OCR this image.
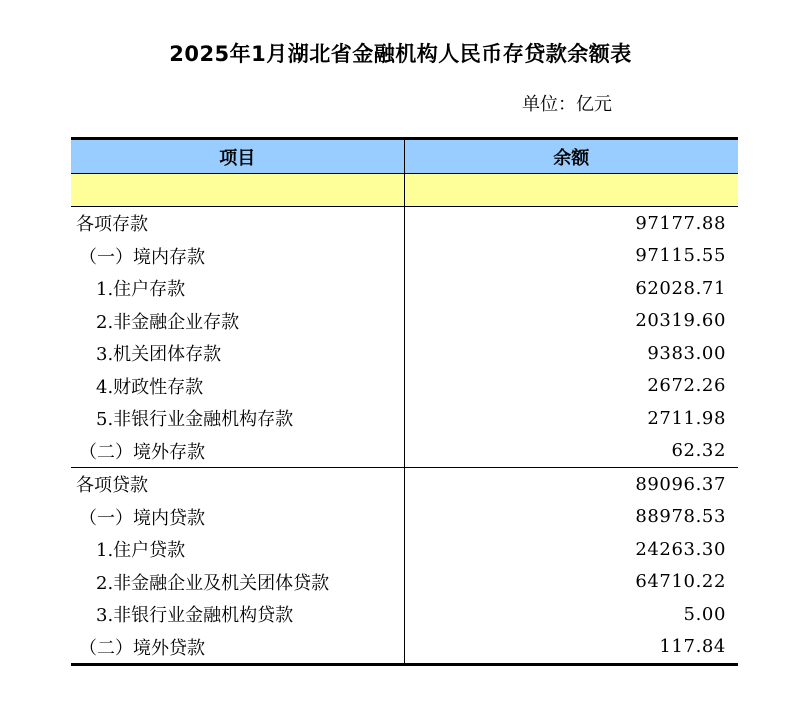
2025年1月湖北省金融机构人民币存贷款余额表
单位：亿元
项目	余额

各项存款	97177.88
（一）境内存款	97115.55
1.住户存款	62028.71
2.非金融企业存款	20319.60
3.机关团体存款	9383.00
4.财政性存款	2672.26
5.非银行业金融机构存款	2711.98
（二）境外存款	62.32
各项贷款	89096.37
（一）境内贷款	88978.53
1.住户贷款	24263.30
2.非金融企业及机关团体贷款	64710.22
3.非银行业金融机构贷款	5.00
（二）境外贷款	117.84
